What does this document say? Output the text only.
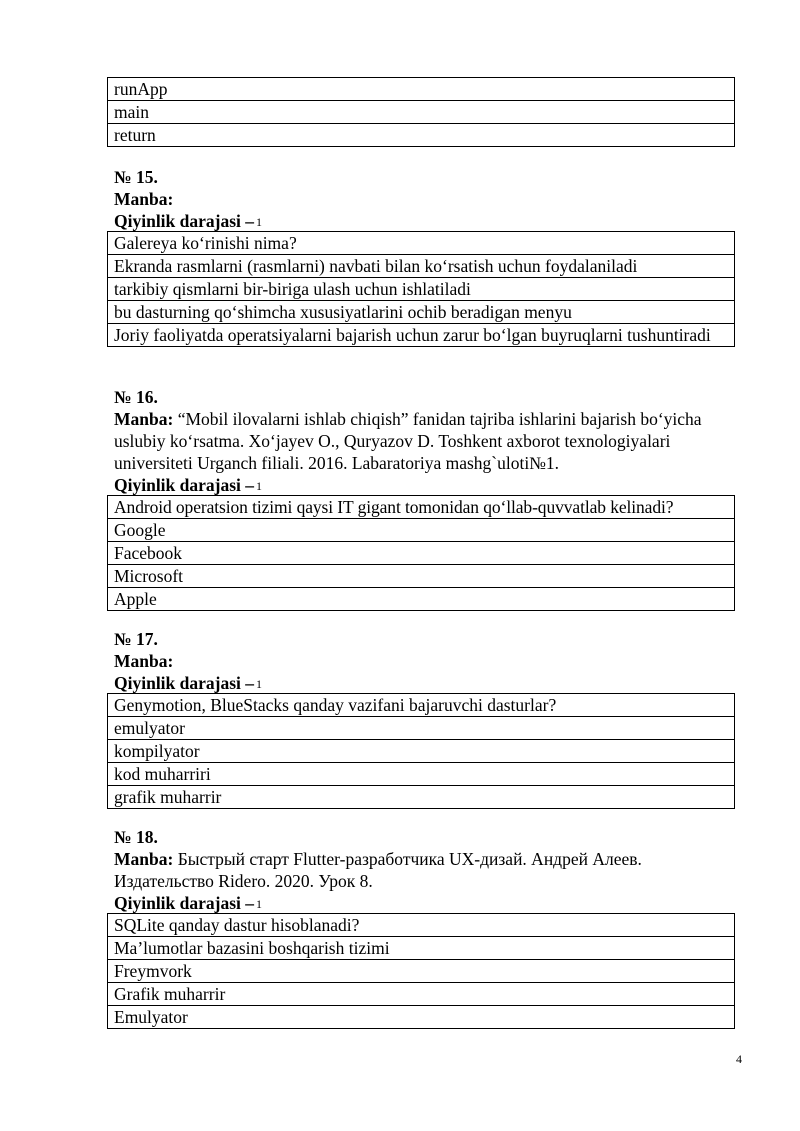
runApp
main
return
№ 15.
Manba:
Qiyinlik darajasi – 1
Galereya koʻrinishi nima?
Ekranda rasmlarni (rasmlarni) navbati bilan koʻrsatish uchun foydalaniladi
tarkibiy qismlarni bir-biriga ulash uchun ishlatiladi
bu dasturning qoʻshimcha xususiyatlarini ochib beradigan menyu
Joriy faoliyatda operatsiyalarni bajarish uchun zarur boʻlgan buyruqlarni tushuntiradi
№ 16.
Manba: “Mobil ilovalarni ishlab chiqish” fanidan tajriba ishlarini bajarish boʻyicha uslubiy koʻrsatma. Xoʻjayev O., Quryazov D. Toshkent axborot texnologiyalari universiteti Urganch filiali. 2016. Labaratoriya mashg`uloti№1.
Qiyinlik darajasi – 1
Android operatsion tizimi qaysi IT gigant tomonidan qoʻllab-quvvatlab kelinadi?
Google
Facebook
Microsoft
Apple
№ 17.
Manba:
Qiyinlik darajasi – 1
Genymotion, BlueStacks qanday vazifani bajaruvchi dasturlar?
emulyator
kompilyator
kod muharriri
grafik muharrir
№ 18.
Manba: Быстрый старт Flutter-разработчика UX-дизай. Андрей Алеев. Издательство Ridero. 2020. Урок 8.
Qiyinlik darajasi – 1
SQLite qanday dastur hisoblanadi?
Ma’lumotlar bazasini boshqarish tizimi
Freymvork
Grafik muharrir
Emulyator
4
